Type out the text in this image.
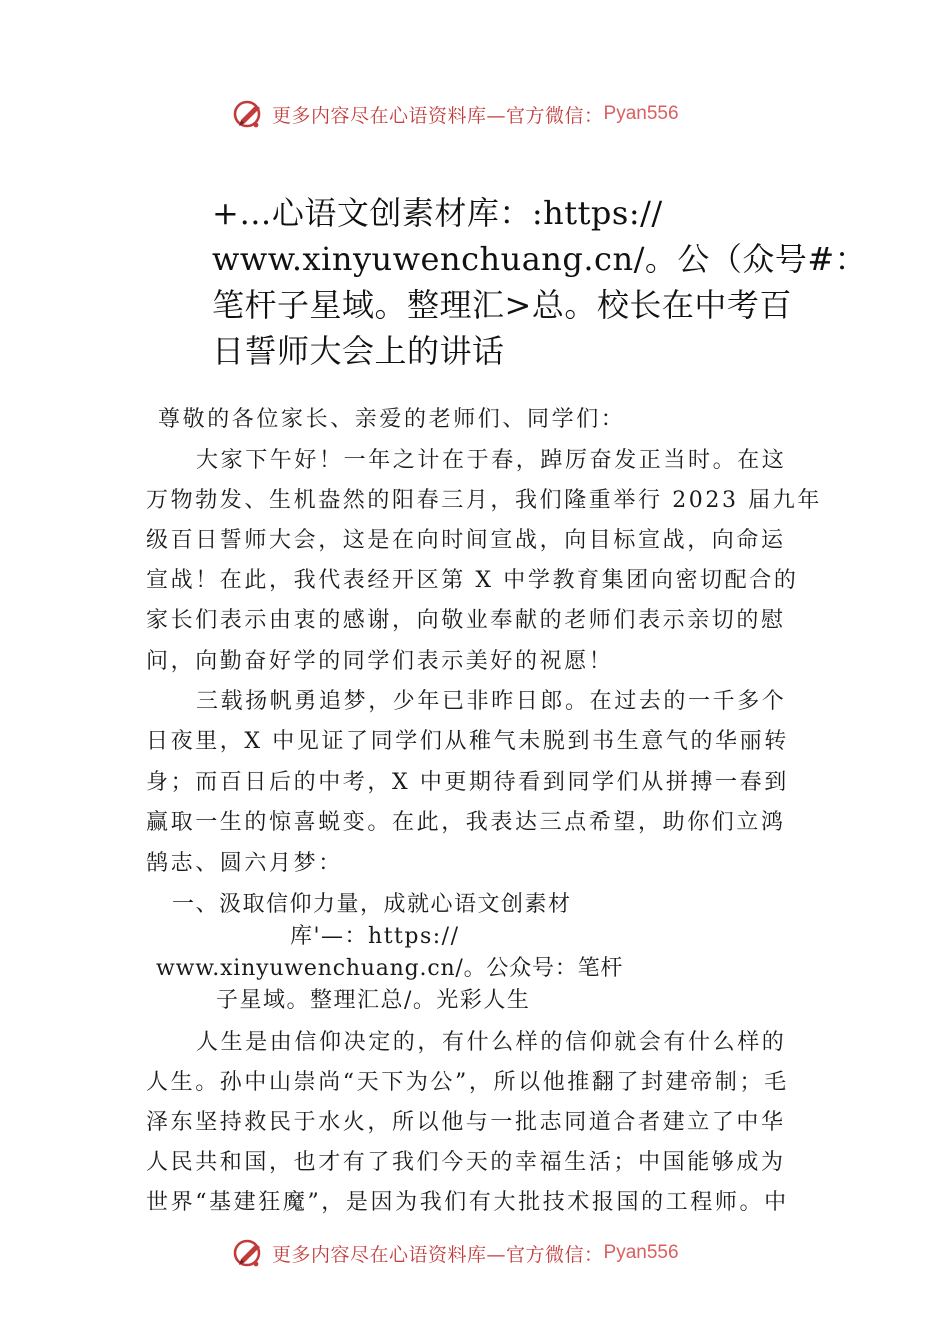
更多内容尽在心语资料库—官方微信： Pyan556
+…心语文创素材库：:https://
www.xinyuwenchuang.cn/。公（众号#：
笔杆子星域。整理汇>总。校长在中考百
日誓师大会上的讲话
尊敬的各位家长、亲爱的老师们、同学们：
大家下午好！一年之计在于春，踔厉奋发正当时。在这
万物勃发、生机盎然的阳春三月，我们隆重举行 2023 届九年
级百日誓师大会，这是在向时间宣战，向目标宣战，向命运
宣战！在此，我代表经开区第 X 中学教育集团向密切配合的
家长们表示由衷的感谢，向敬业奉献的老师们表示亲切的慰
问，向勤奋好学的同学们表示美好的祝愿！
三载扬帆勇追梦，少年已非昨日郎。在过去的一千多个
日夜里，X 中见证了同学们从稚气未脱到书生意气的华丽转
身；而百日后的中考，X 中更期待看到同学们从拼搏一春到
赢取一生的惊喜蜕变。在此，我表达三点希望，助你们立鸿
鹄志、圆六月梦：
一、汲取信仰力量，成就心语文创素材
库'—：https://
www.xinyuwenchuang.cn/。公众号：笔杆
子星域。整理汇总/。光彩人生
人生是由信仰决定的，有什么样的信仰就会有什么样的
人生。孙中山崇尚“天下为公”，所以他推翻了封建帝制；毛
泽东坚持救民于水火，所以他与一批志同道合者建立了中华
人民共和国，也才有了我们今天的幸福生活；中国能够成为
世界“基建狂魔”，是因为我们有大批技术报国的工程师。中
更多内容尽在心语资料库—官方微信： Pyan556
